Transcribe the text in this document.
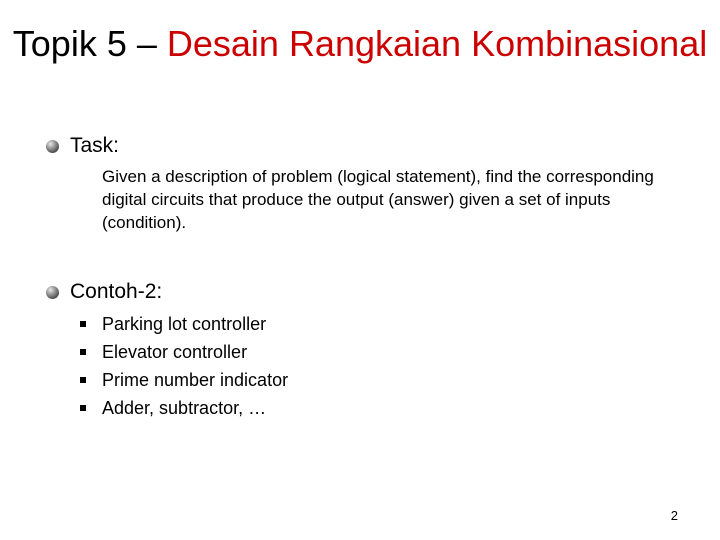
Topik 5 – Desain Rangkaian Kombinasional
Task:

Given a description of problem (logical statement), find the corresponding digital circuits that produce the output (answer) given a set of inputs (condition).

Contoh-2:
Parking lot controller
Elevator controller
Prime number indicator
Adder, subtractor, …
2
